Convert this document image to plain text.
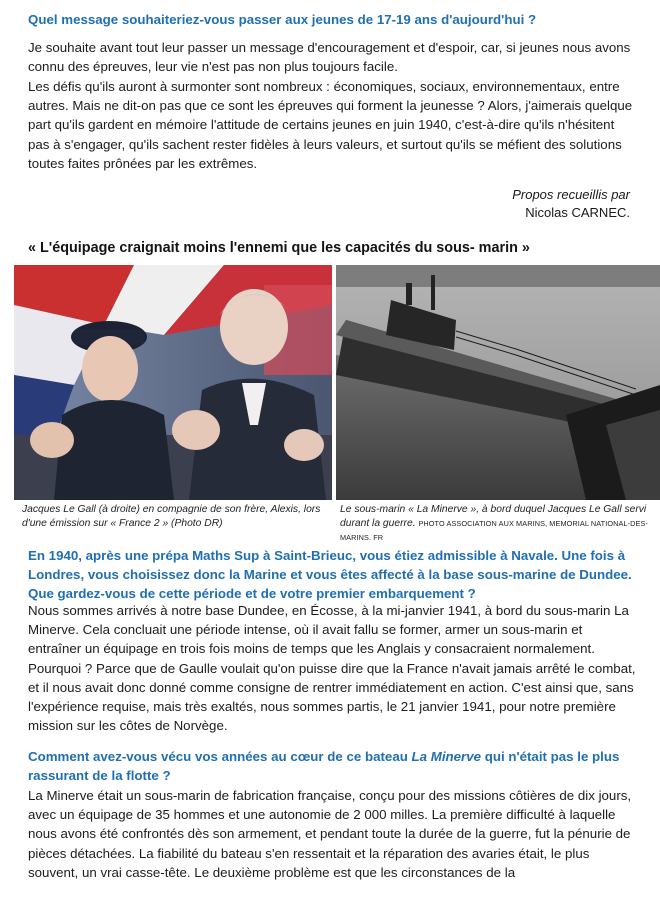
Quel message souhaiteriez-vous passer aux jeunes de 17-19 ans d'aujourd'hui ?

Je souhaite avant tout leur passer un message d'encouragement et d'espoir, car, si jeunes nous avons connu des épreuves, leur vie n'est pas non plus toujours facile.

Les défis qu'ils auront à surmonter sont nombreux : économiques, sociaux, environnementaux, entre autres. Mais ne dit-on pas que ce sont les épreuves qui forment la jeunesse ? Alors, j'aimerais quelque part qu'ils gardent en mémoire l'attitude de certains jeunes en juin 1940, c'est-à-dire qu'ils n'hésitent pas à s'engager, qu'ils sachent rester fidèles à leurs valeurs, et surtout qu'ils se méfient des solutions toutes faites prônées par les extrêmes.

Propos recueillis par
Nicolas CARNEC.
« L'équipage craignait moins l'ennemi que les capacités du sous- marin »
Jacques Le Gall (à droite) en compagnie de son frère, Alexis, lors d'une émission sur « France 2 » (Photo DR)
Le sous-marin « La Minerve », à bord duquel Jacques Le Gall servi durant la guerre. PHOTO ASSOCIATION AUX MARINS, MEMORIAL NATIONAL-DES-MARINS. FR

En 1940, après une prépa Maths Sup à Saint-Brieuc, vous étiez admissible à Navale. Une fois à Londres, vous choisissez donc la Marine et vous êtes affecté à la base sous-marine de Dundee. Que gardez-vous de cette période et de votre premier embarquement ?

Nous sommes arrivés à notre base Dundee, en Écosse, à la mi-janvier 1941, à bord du sous-marin La Minerve. Cela concluait une période intense, où il avait fallu se former, armer un sous-marin et entraîner un équipage en trois fois moins de temps que les Anglais y consacraient normalement. Pourquoi ? Parce que de Gaulle voulait qu'on puisse dire que la France n'avait jamais arrêté le combat, et il nous avait donc donné comme consigne de rentrer immédiatement en action. C'est ainsi que, sans l'expérience requise, mais très exaltés, nous sommes partis, le 21 janvier 1941, pour notre première mission sur les côtes de Norvège.

Comment avez-vous vécu vos années au cœur de ce bateau La Minerve qui n'était pas le plus rassurant de la flotte ?

La Minerve était un sous-marin de fabrication française, conçu pour des missions côtières de dix jours, avec un équipage de 35 hommes et une autonomie de 2 000 milles. La première difficulté à laquelle nous avons été confrontés dès son armement, et pendant toute la durée de la guerre, fut la pénurie de pièces détachées. La fiabilité du bateau s'en ressentait et la réparation des avaries était, le plus souvent, un vrai casse-tête. Le deuxième problème est que les circonstances de la
